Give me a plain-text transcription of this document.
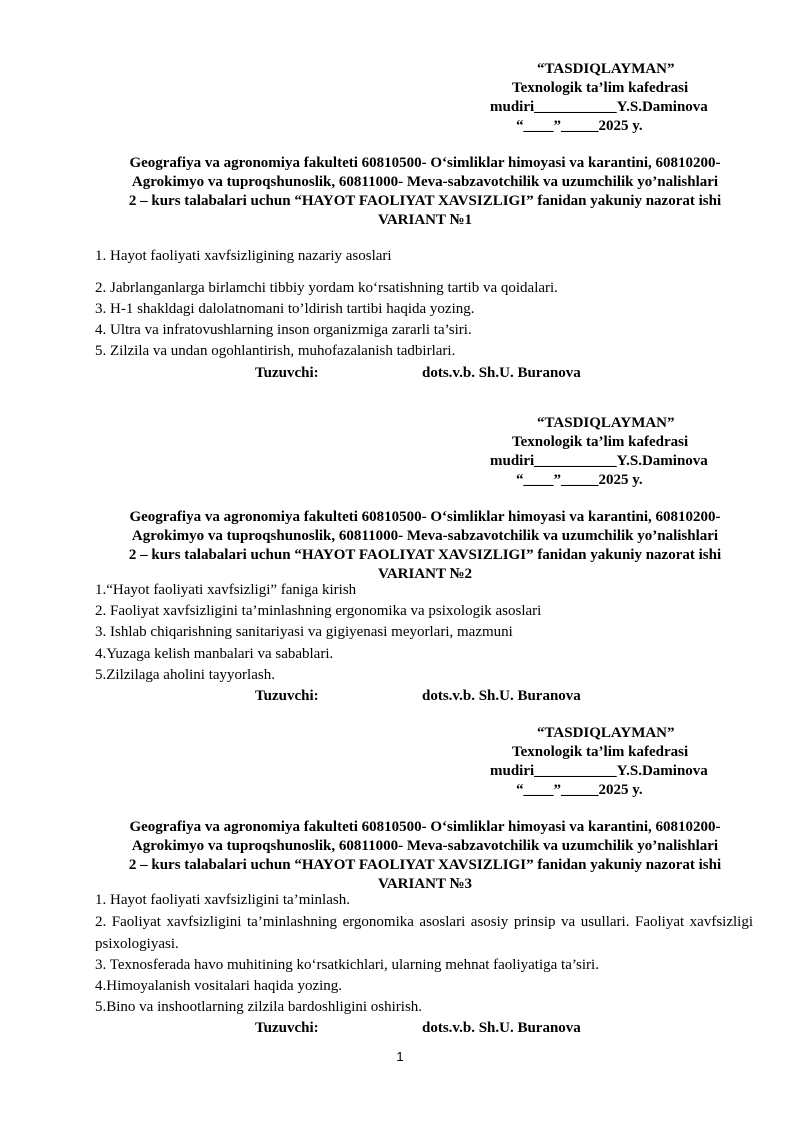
“TASDIQLAYMAN”
Texnologik ta’lim kafedrasi
mudiri___________Y.S.Daminova
“____”_____2025 y.
Geografiya va agronomiya fakulteti 60810500- O‘simliklar himoyasi va karantini, 60810200-
Agrokimyo va tuproqshunoslik, 60811000- Meva-sabzavotchilik va uzumchilik yo’nalishlari
2 – kurs talabalari uchun “HAYOT FAOLIYAT XAVSIZLIGI” fanidan yakuniy nazorat ishi
VARIANT №1
1. Hayot faoliyati xavfsizligining nazariy asoslari
2. Jabrlanganlarga birlamchi tibbiy yordam ko‘rsatishning tartib va qoidalari.
3. H-1 shakldagi dalolatnomani to’ldirish tartibi haqida yozing.
4. Ultra va infratovushlarning inson organizmiga zararli ta’siri.
5. Zilzila va undan ogohlantirish, muhofazalanish tadbirlari.
Tuzuvchi:	dots.v.b. Sh.U. Buranova
“TASDIQLAYMAN”
Texnologik ta’lim kafedrasi
mudiri___________Y.S.Daminova
“____”_____2025 y.
Geografiya va agronomiya fakulteti 60810500- O‘simliklar himoyasi va karantini, 60810200-
Agrokimyo va tuproqshunoslik, 60811000- Meva-sabzavotchilik va uzumchilik yo’nalishlari
2 – kurs talabalari uchun “HAYOT FAOLIYAT XAVSIZLIGI” fanidan yakuniy nazorat ishi
VARIANT №2
1.“Hayot faoliyati xavfsizligi” faniga kirish
2. Faoliyat xavfsizligini ta’minlashning ergonomika va psixologik asoslari
3. Ishlab chiqarishning sanitariyasi va gigiyenasi meyorlari, mazmuni
4.Yuzaga kelish manbalari va sabablari.
5.Zilzilaga aholini tayyorlash.
Tuzuvchi:	dots.v.b. Sh.U. Buranova
“TASDIQLAYMAN”
Texnologik ta’lim kafedrasi
mudiri___________Y.S.Daminova
“____”_____2025 y.
Geografiya va agronomiya fakulteti 60810500- O‘simliklar himoyasi va karantini, 60810200-
Agrokimyo va tuproqshunoslik, 60811000- Meva-sabzavotchilik va uzumchilik yo’nalishlari
2 – kurs talabalari uchun “HAYOT FAOLIYAT XAVSIZLIGI” fanidan yakuniy nazorat ishi
VARIANT №3
1. Hayot faoliyati xavfsizligini ta’minlash.
2. Faoliyat xavfsizligini ta’minlashning ergonomika asoslari asosiy prinsip va usullari. Faoliyat xavfsizligi psixologiyasi.
3. Texnosferada havo muhitining ko‘rsatkichlari, ularning mehnat faoliyatiga ta’siri.
4.Himoyalanish vositalari haqida yozing.
5.Bino va inshootlarning zilzila bardoshligini oshirish.
Tuzuvchi:	dots.v.b. Sh.U. Buranova
1
